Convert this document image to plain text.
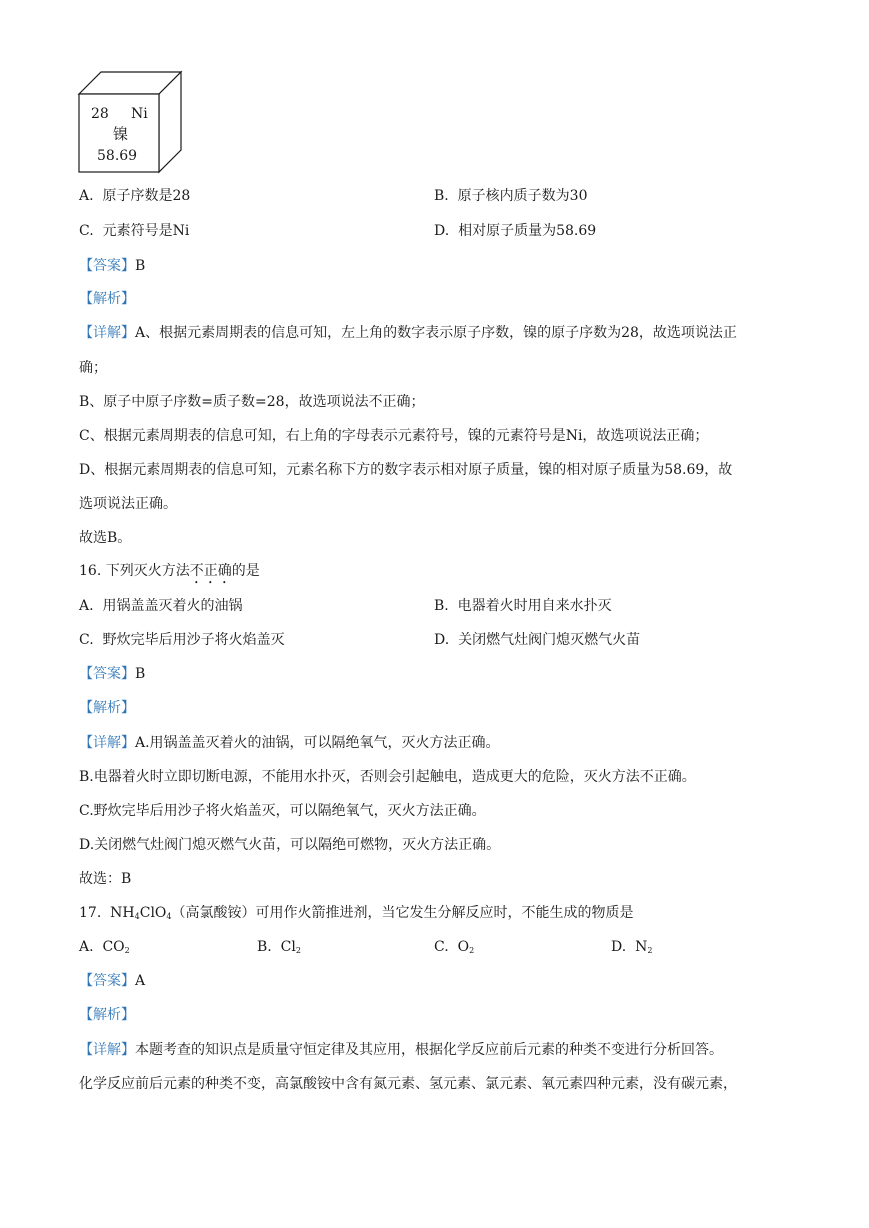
28 Ni
镍
58.69
A. 原子序数是28	B. 原子核内质子数为30
C. 元素符号是Ni	D. 相对原子质量为58.69
【答案】B
【解析】
【详解】A、根据元素周期表的信息可知，左上角的数字表示原子序数，镍的原子序数为28，故选项说法正
确；
B、原子中原子序数=质子数=28，故选项说法不正确；
C、根据元素周期表的信息可知，右上角的字母表示元素符号，镍的元素符号是Ni，故选项说法正确；
D、根据元素周期表的信息可知，元素名称下方的数字表示相对原子质量，镍的相对原子质量为58.69，故
选项说法正确。
故选B。
16. 下列灭火方法不正确的是
A. 用锅盖盖灭着火的油锅	B. 电器着火时用自来水扑灭
C. 野炊完毕后用沙子将火焰盖灭	D. 关闭燃气灶阀门熄灭燃气火苗
【答案】B
【解析】
【详解】A.用锅盖盖灭着火的油锅，可以隔绝氧气，灭火方法正确。
B.电器着火时立即切断电源，不能用水扑灭，否则会引起触电，造成更大的危险，灭火方法不正确。
C.野炊完毕后用沙子将火焰盖灭，可以隔绝氧气，灭火方法正确。
D.关闭燃气灶阀门熄灭燃气火苗，可以隔绝可燃物，灭火方法正确。
故选：B
17. $NH_4ClO_4$（高氯酸铵）可用作火箭推进剂，当它发生分解反应时，不能生成的物质是
A. $CO_2$	B. $Cl_2$	C. $O_2$	D. $N_2$
【答案】A
【解析】
【详解】本题考查的知识点是质量守恒定律及其应用，根据化学反应前后元素的种类不变进行分析回答。
化学反应前后元素的种类不变，高氯酸铵中含有氮元素、氢元素、氯元素、氧元素四种元素，没有碳元素，
